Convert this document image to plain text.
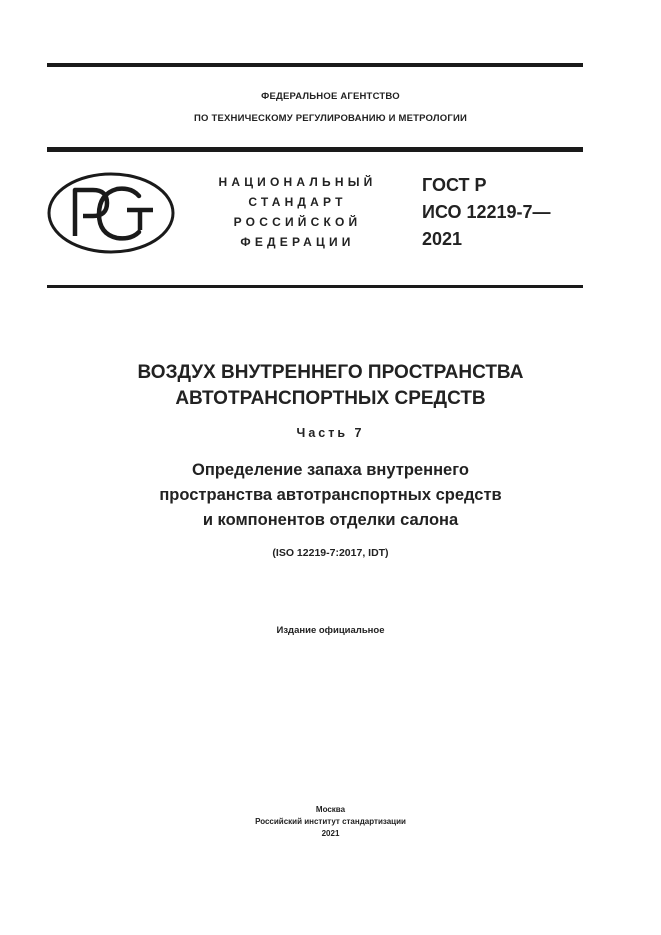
ФЕДЕРАЛЬНОЕ АГЕНТСТВО
ПО ТЕХНИЧЕСКОМУ РЕГУЛИРОВАНИЮ И МЕТРОЛОГИИ
НАЦИОНАЛЬНЫЙ
СТАНДАРТ
РОССИЙСКОЙ
ФЕДЕРАЦИИ
ГОСТ Р
ИСО 12219-7—
2021
ВОЗДУХ ВНУТРЕННЕГО ПРОСТРАНСТВА
АВТОТРАНСПОРТНЫХ СРЕДСТВ
Часть 7
Определение запаха внутреннего
пространства автотранспортных средств
и компонентов отделки салона
(ISO 12219-7:2017, IDT)
Издание официальное
Москва
Российский институт стандартизации
2021
